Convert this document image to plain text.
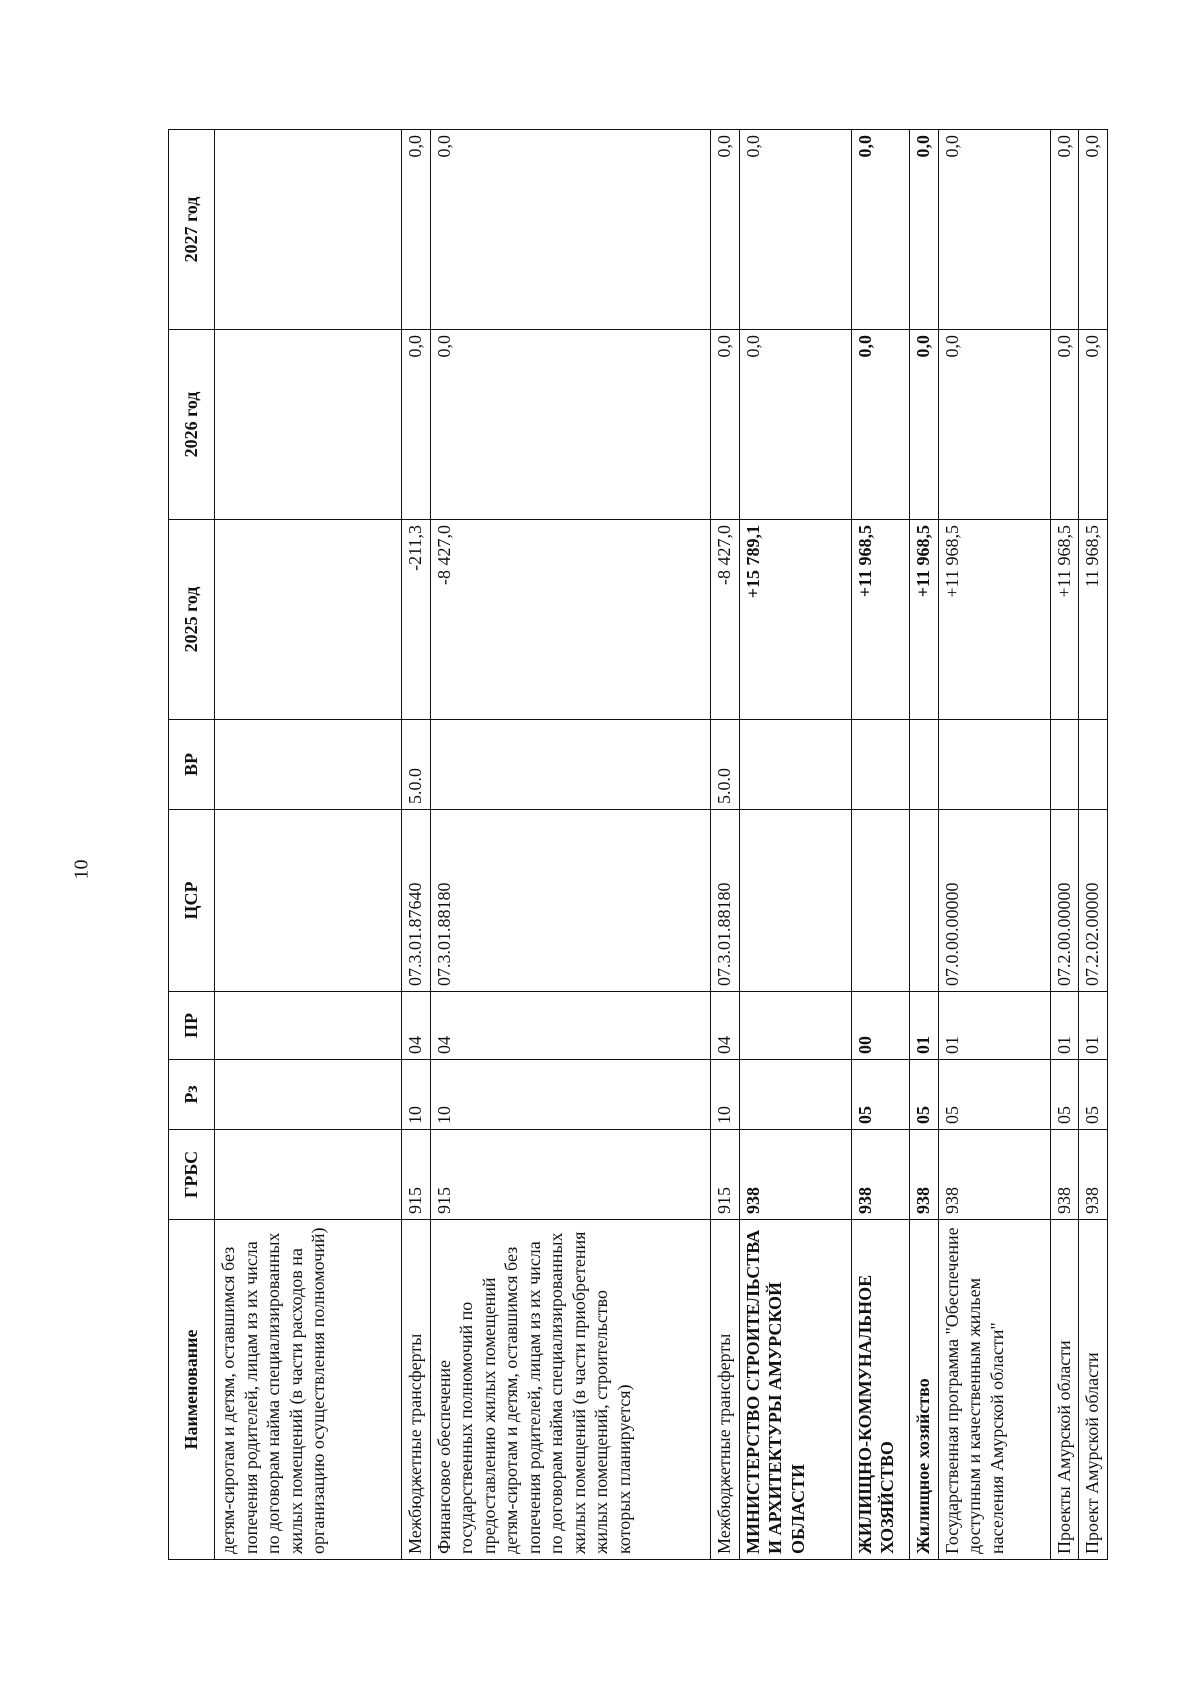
10
Наименование	ГРБС	Рз	ПР	ЦСР	ВР	2025 год	2026 год	2027 год
детям-сиротам и детям, оставшимся без попечения родителей, лицам из их числа по договорам найма специализированных жилых помещений (в части расходов на организацию осуществления полномочий)								
Межбюджетные трансферты	915	10	04	07.3.01.87640	5.0.0	-211,3	0,0	0,0
Финансовое обеспечение государственных полномочий по предоставлению жилых помещений детям-сиротам и детям, оставшимся без попечения родителей, лицам из их числа по договорам найма специализированных жилых помещений (в части приобретения жилых помещений, строительство которых планируется)	915	10	04	07.3.01.88180		-8 427,0	0,0	0,0
Межбюджетные трансферты	915	10	04	07.3.01.88180	5.0.0	-8 427,0	0,0	0,0
МИНИСТЕРСТВО СТРОИТЕЛЬСТВА И АРХИТЕКТУРЫ АМУРСКОЙ ОБЛАСТИ	938					+15 789,1	0,0	0,0
ЖИЛИЩНО-КОММУНАЛЬНОЕ ХОЗЯЙСТВО	938	05	00			+11 968,5	0,0	0,0
Жилищное хозяйство	938	05	01			+11 968,5	0,0	0,0
Государственная программа "Обеспечение доступным и качественным жильем населения Амурской области"	938	05	01	07.0.00.00000		+11 968,5	0,0	0,0
Проекты Амурской области	938	05	01	07.2.00.00000		+11 968,5	0,0	0,0
Проект Амурской области	938	05	01	07.2.02.00000		11 968,5	0,0	0,0
